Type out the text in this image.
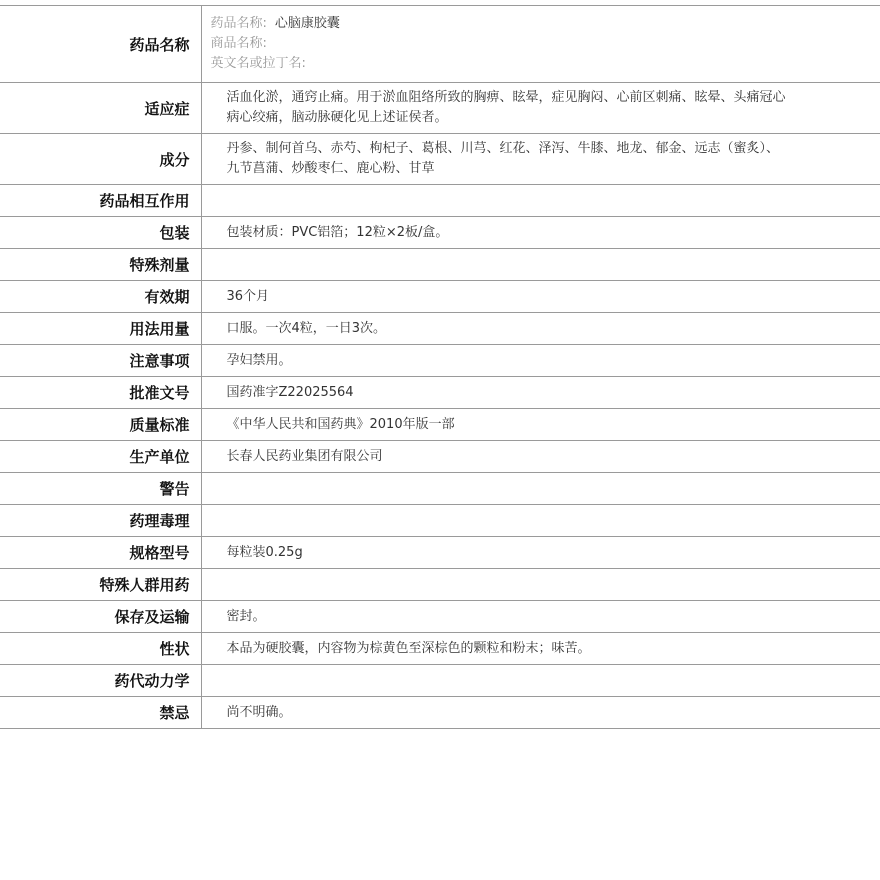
药品名称	药品名称: 心脑康胶囊
商品名称:
英文名或拉丁名:

适应症	活血化淤，通窍止痛。用于淤血阻络所致的胸痹、眩晕，症见胸闷、心前区刺痛、眩晕、头痛冠心病心绞痛，脑动脉硬化见上述证侯者。
成分	丹参、制何首乌、赤芍、枸杞子、葛根、川芎、红花、泽泻、牛膝、地龙、郁金、远志（蜜炙）、九节菖蒲、炒酸枣仁、鹿心粉、甘草
药品相互作用	
包装	包装材质：PVC铝箔；12粒×2板/盒。
特殊剂量	
有效期	36个月
用法用量	口服。一次4粒，一日3次。
注意事项	孕妇禁用。
批准文号	国药准字Z22025564
质量标准	《中华人民共和国药典》2010年版一部
生产单位	长春人民药业集团有限公司
警告	
药理毒理	
规格型号	每粒装0.25g
特殊人群用药	
保存及运输	密封。
性状	本品为硬胶囊，内容物为棕黄色至深棕色的颗粒和粉末；味苦。
药代动力学	
禁忌	尚不明确。
